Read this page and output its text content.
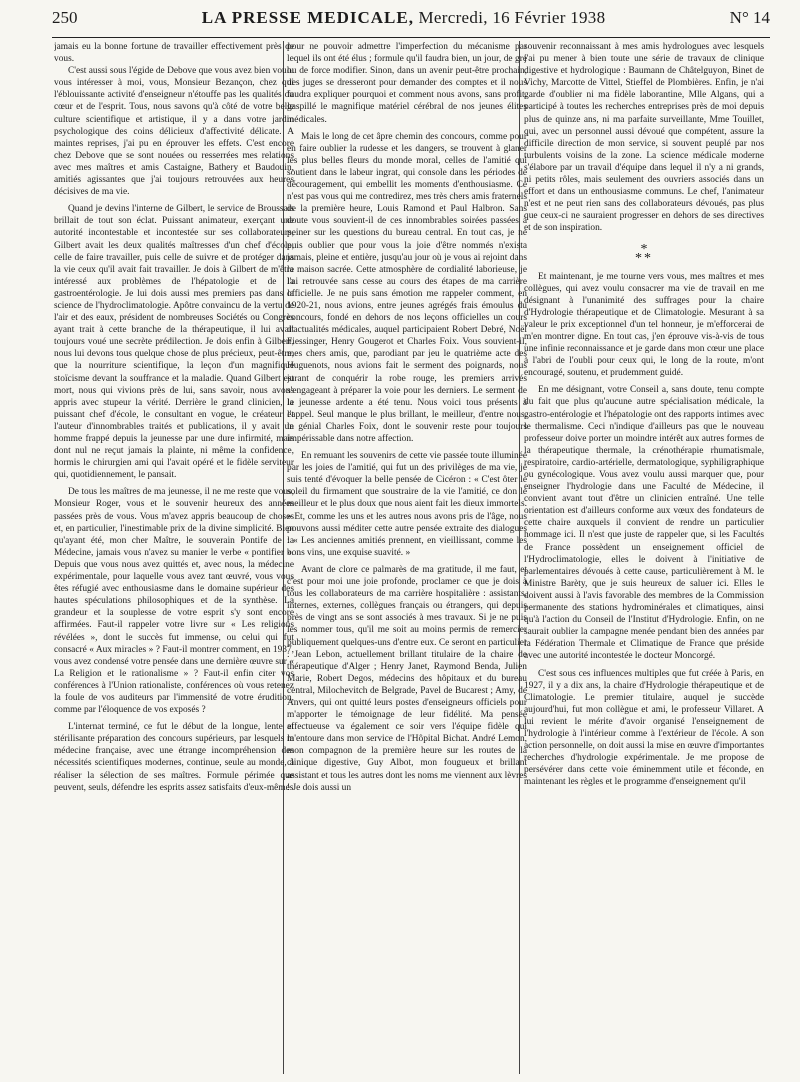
250	LA PRESSE MEDICALE, Mercredi, 16 Février 1938	N° 14

jamais eu la bonne fortune de travailler effectivement près de vous.

C'est aussi sous l'égide de Debove que vous avez bien voulu vous intéresser à moi, vous, Monsieur Bezançon, chez qui l'éblouissante activité d'enseigneur n'étouffe pas les qualités du cœur et de l'esprit. Tous, nous savons qu'à côté de votre belle culture scientifique et artistique, il y a dans votre jardin psychologique des coins délicieux d'affectivité délicate. A maintes reprises, j'ai pu en éprouver les effets. C'est encore chez Debove que se sont nouées ou resserrées mes relations avec mes maîtres et amis Castaigne, Bathery et Baudouin, amitiés agissantes que j'ai toujours retrouvées aux heures décisives de ma vie.

Quand je devins l'interne de Gilbert, le service de Broussais brillait de tout son éclat. Puissant animateur, exerçant une autorité incontestable et incontestée sur ses collaborateurs, Gilbert avait les deux qualités maîtresses d'un chef d'école, celle de faire travailler, puis celle de suivre et de protéger dans la vie ceux qu'il avait fait travailler. Je dois à Gilbert de m'être intéressé aux problèmes de l'hépatologie et de la gastroentérologie. Je lui dois aussi mes premiers pas dans la science de l'hydroclimatologie. Apôtre convaincu de la vertu de l'air et des eaux, président de nombreuses Sociétés ou Congrès ayant trait à cette branche de la thérapeutique, il lui avait toujours voué une secrète prédilection. Je dois enfin à Gilbert, nous lui devons tous quelque chose de plus précieux, peut-être, que la nourriture scientifique, la leçon d'un magnifique stoïcisme devant la souffrance et la maladie. Quand Gilbert est mort, nous qui vivions près de lui, sans savoir, nous avons appris avec stupeur la vérité. Derrière le grand clinicien, le puissant chef d'école, le consultant en vogue, le créateur et l'auteur d'innombrables traités et publications, il y avait un homme frappé depuis la jeunesse par une dure infirmité, mais dont nul ne reçut jamais la plainte, ni même la confidence, hormis le chirurgien ami qui l'avait opéré et le fidèle serviteur qui, quotidiennement, le pansait.

De tous les maîtres de ma jeunesse, il ne me reste que vous, Monsieur Roger, vous et le souvenir heureux des années passées près de vous. Vous m'avez appris beaucoup de choses et, en particulier, l'inestimable prix de la divine simplicité. Bien qu'ayant été, mon cher Maître, le souverain Pontife de la Médecine, jamais vous n'avez su manier le verbe « pontifier ». Depuis que vous nous avez quittés et, avec nous, la médecine expérimentale, pour laquelle vous avez tant œuvré, vous vous êtes réfugié avec enthousiasme dans le domaine supérieur des hautes spéculations philosophiques et de la synthèse. La grandeur et la souplesse de votre esprit s'y sont encore affirmées. Faut-il rappeler votre livre sur « Les religions révélées », dont le succès fut immense, ou celui qui fut consacré « Aux miracles » ? Faut-il montrer comment, en 1937, vous avez condensé votre pensée dans une dernière œuvre sur « La Religion et le rationalisme » ? Faut-il enfin citer vos conférences à l'Union rationaliste, conférences où vous retenez la foule de vos auditeurs par l'immensité de votre érudition, comme par l'éloquence de vos exposés ?

L'internat terminé, ce fut le début de la longue, lente et stérilisante préparation des concours supérieurs, par lesquels la médecine française, avec une étrange incompréhension des nécessités scientifiques modernes, continue, seule au monde, à réaliser la sélection de ses maîtres. Formule périmée que peuvent, seuls, défendre les esprits assez satisfaits d'eux-mêmes

pour ne pouvoir admettre l'imperfection du mécanisme par lequel ils ont été élus ; formule qu'il faudra bien, un jour, de gré ou de force modifier. Sinon, dans un avenir peut-être prochain, des juges se dresseront pour demander des comptes et il nous faudra expliquer pourquoi et comment nous avons, sans profit, gaspillé le magnifique matériel cérébral de nos jeunes élites médicales.

Mais le long de cet âpre chemin des concours, comme pour en faire oublier la rudesse et les dangers, se trouvent à glaner les plus belles fleurs du monde moral, celles de l'amitié qui soutient dans le labeur ingrat, qui console dans les périodes de découragement, qui embellit les moments d'enthousiasme. Ce n'est pas vous qui me contredirez, mes très chers amis fraternels de la première heure, Louis Ramond et Paul Halbron. Sans doute vous souvient-il de ces innombrables soirées passées à peiner sur les questions du bureau central. En tout cas, je ne puis oublier que pour vous la joie d'être nommés n'exista jamais, pleine et entière, jusqu'au jour où je vous ai rejoint dans la maison sacrée. Cette atmosphère de cordialité laborieuse, je l'ai retrouvée sans cesse au cours des étapes de ma carrière officielle. Je ne puis sans émotion me rappeler comment, en 1920-21, nous avions, entre jeunes agrégés frais émoulus du concours, fondé en dehors de nos leçons officielles un cours d'actualités médicales, auquel participaient Robert Debré, Noël Fiessinger, Henry Gougerot et Charles Foix. Vous souvient-il, mes chers amis, que, parodiant par jeu le quatrième acte des Huguenots, nous avions fait le serment des poignards, nous jurant de conquérir la robe rouge, les premiers arrivés s'engageant à préparer la voie pour les derniers. Le serment de la jeunesse ardente a été tenu. Nous voici tous présents à l'appel. Seul manque le plus brillant, le meilleur, d'entre nous, le génial Charles Foix, dont le souvenir reste pour toujours impérissable dans notre affection.

En remuant les souvenirs de cette vie passée toute illuminée par les joies de l'amitié, qui fut un des privilèges de ma vie, je suis tenté d'évoquer la belle pensée de Cicéron : « C'est ôter le soleil du firmament que soustraire de la vie l'amitié, ce don le meilleur et le plus doux que nous aient fait les dieux immortels. » Et, comme les uns et les autres nous avons pris de l'âge, nous pouvons aussi méditer cette autre pensée extraite des dialogues : « Les anciennes amitiés prennent, en vieillissant, comme les bons vins, une exquise suavité. »

Avant de clore ce palmarès de ma gratitude, il me faut, et c'est pour moi une joie profonde, proclamer ce que je dois à tous les collaborateurs de ma carrière hospitalière : assistants, internes, externes, collègues français ou étrangers, qui depuis près de vingt ans se sont associés à mes travaux. Si je ne puis les nommer tous, qu'il me soit au moins permis de remercier publiquement quelques-uns d'entre eux. Ce seront en particulier : Jean Lebon, actuellement brillant titulaire de la chaire de thérapeutique d'Alger ; Henry Janet, Raymond Benda, Julien Marie, Robert Degos, médecins des hôpitaux et du bureau central, Milochevitch de Belgrade, Pavel de Bucarest ; Amy, de Anvers, qui ont quitté leurs postes d'enseigneurs officiels pour m'apporter le témoignage de leur fidélité. Ma pensée affectueuse va également ce soir vers l'équipe fidèle qui m'entoure dans mon service de l'Hôpital Bichat. André Lemon, mon compagnon de la première heure sur les routes de la clinique digestive, Guy Albot, mon fougueux et brillant assistant et tous les autres dont les noms me viennent aux lèvres ! Je dois aussi un

souvenir reconnaissant à mes amis hydrologues avec lesquels j'ai pu mener à bien toute une série de travaux de clinique digestive et hydrologique : Baumann de Châtelguyon, Binet de Vichy, Marcotte de Vittel, Stieffel de Plombières. Enfin, je n'ai garde d'oublier ni ma fidèle laborantine, Mlle Algans, qui a participé à toutes les recherches entreprises près de moi depuis plus de quinze ans, ni ma parfaite surveillante, Mme Touillet, qui, avec un personnel aussi dévoué que compétent, assure la difficile direction de mon service, si souvent peuplé par nos turbulents voisins de la zone. La science médicale moderne s'élabore par un travail d'équipe dans lequel il n'y a ni grands, ni petits rôles, mais seulement des ouvriers associés dans un effort et dans un enthousiasme communs. Le chef, l'animateur n'est et ne peut rien sans des collaborateurs dévoués, pas plus que ceux-ci ne sauraient progresser en dehors de ses directives et de son inspiration.

*
**

Et maintenant, je me tourne vers vous, mes maîtres et mes collègues, qui avez voulu consacrer ma vie de travail en me désignant à l'unanimité des suffrages pour la chaire d'Hydrologie thérapeutique et de Climatologie. Mesurant à sa valeur le prix exceptionnel d'un tel honneur, je m'efforcerai de m'en montrer digne. En tout cas, j'en éprouve vis-à-vis de tous une infinie reconnaissance et je garde dans mon cœur une place à l'abri de l'oubli pour ceux qui, le long de la route, m'ont encouragé, soutenu, et prudemment guidé.

En me désignant, votre Conseil a, sans doute, tenu compte du fait que plus qu'aucune autre spécialisation médicale, la gastro-entérologie et l'hépatologie ont des rapports intimes avec le thermalisme. Ceci n'indique d'ailleurs pas que le nouveau professeur doive porter un moindre intérêt aux autres formes de la thérapeutique thermale, la crénothérapie rhumatismale, respiratoire, cardio-artérielle, dermatologique, syphiligraphique ou gynécologique. Vous avez voulu aussi marquer que, pour enseigner l'hydrologie dans une Faculté de Médecine, il convient avant tout d'être un clinicien entraîné. Une telle orientation est d'ailleurs conforme aux vœux des fondateurs de cette chaire auxquels il convient de rendre un particulier hommage ici. Il n'est que juste de rappeler que, si les Facultés de France possèdent un enseignement officiel de l'Hydroclimatologie, elles le doivent à l'initiative de parlementaires dévoués à cette cause, particulièrement à M. le Ministre Barèty, que je suis heureux de saluer ici. Elles le doivent aussi à l'avis favorable des membres de la Commission permanente des stations hydrominérales et climatiques, ainsi qu'à l'action du Conseil de l'Institut d'Hydrologie. Enfin, on ne saurait oublier la campagne menée pendant bien des années par la Fédération Thermale et Climatique de France que préside avec une autorité incontestée le docteur Moncorgé.

C'est sous ces influences multiples que fut créée à Paris, en 1927, il y a dix ans, la chaire d'Hydrologie thérapeutique et de Climatologie. Le premier titulaire, auquel je succède aujourd'hui, fut mon collègue et ami, le professeur Villaret. A lui revient le mérite d'avoir organisé l'enseignement de l'hydrologie à l'intérieur comme à l'extérieur de l'école. A son action personnelle, on doit aussi la mise en œuvre d'importantes recherches d'hydrologie expérimentale. Je me propose de persévérer dans cette voie éminemment utile et féconde, en maintenant les règles et le programme d'enseignement qu'il
